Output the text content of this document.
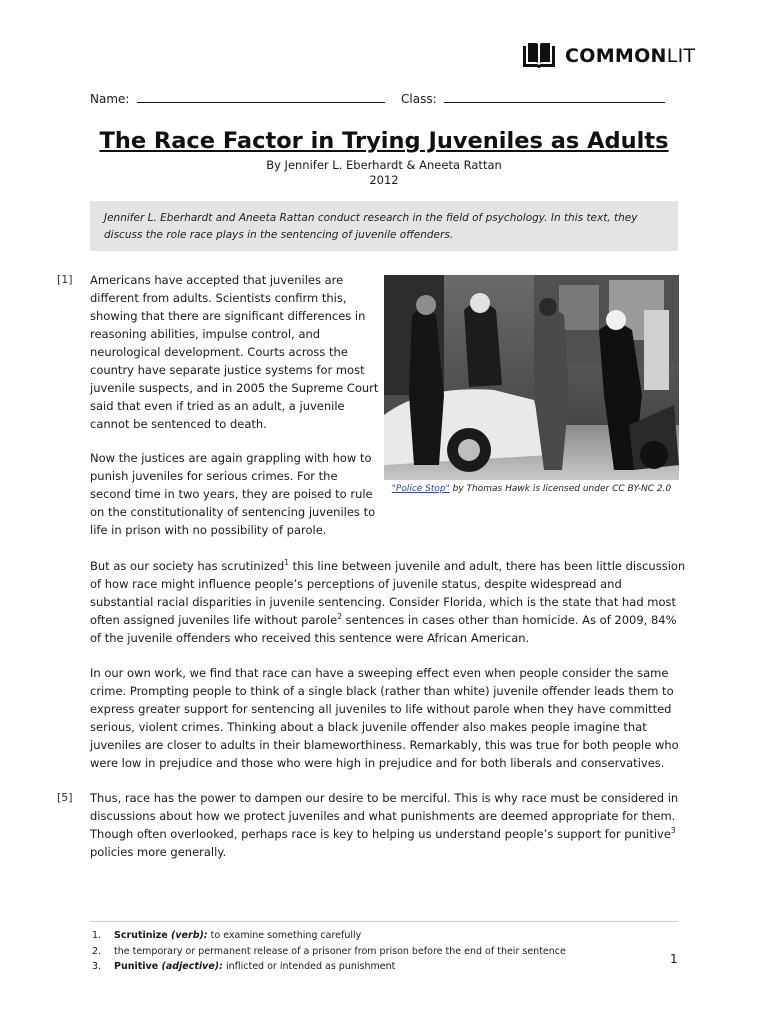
COMMONLIT
Name:	Class:
The Race Factor in Trying Juveniles as Adults
By Jennifer L. Eberhardt & Aneeta Rattan
2012
Jennifer L. Eberhardt and Aneeta Rattan conduct research in the field of psychology. In this text, they discuss the role race plays in the sentencing of juvenile offenders.
[1] Americans have accepted that juveniles are
different from adults. Scientists confirm this,
showing that there are significant differences in
reasoning abilities, impulse control, and
neurological development. Courts across the
country have separate justice systems for most
juvenile suspects, and in 2005 the Supreme Court
said that even if tried as an adult, a juvenile
cannot be sentenced to death.
Now the justices are again grappling with how to
punish juveniles for serious crimes. For the
second time in two years, they are poised to rule
on the constitutionality of sentencing juveniles to
life in prison with no possibility of parole.
"Police Stop" by Thomas Hawk is licensed under CC BY-NC 2.0
But as our society has scrutinized$^1$ this line between juvenile and adult, there has been little discussion
of how race might influence people’s perceptions of juvenile status, despite widespread and
substantial racial disparities in juvenile sentencing. Consider Florida, which is the state that had most
often assigned juveniles life without parole$^2$ sentences in cases other than homicide. As of 2009, 84%
of the juvenile offenders who received this sentence were African American.
In our own work, we find that race can have a sweeping effect even when people consider the same
crime. Prompting people to think of a single black (rather than white) juvenile offender leads them to
express greater support for sentencing all juveniles to life without parole when they have committed
serious, violent crimes. Thinking about a black juvenile offender also makes people imagine that
juveniles are closer to adults in their blameworthiness. Remarkably, this was true for both people who
were low in prejudice and those who were high in prejudice and for both liberals and conservatives.
[5] Thus, race has the power to dampen our desire to be merciful. This is why race must be considered in
discussions about how we protect juveniles and what punishments are deemed appropriate for them.
Though often overlooked, perhaps race is key to helping us understand people’s support for punitive$^3$
policies more generally.
1. Scrutinize (verb): to examine something carefully
2. the temporary or permanent release of a prisoner from prison before the end of their sentence
3. Punitive (adjective): inflicted or intended as punishment
1
